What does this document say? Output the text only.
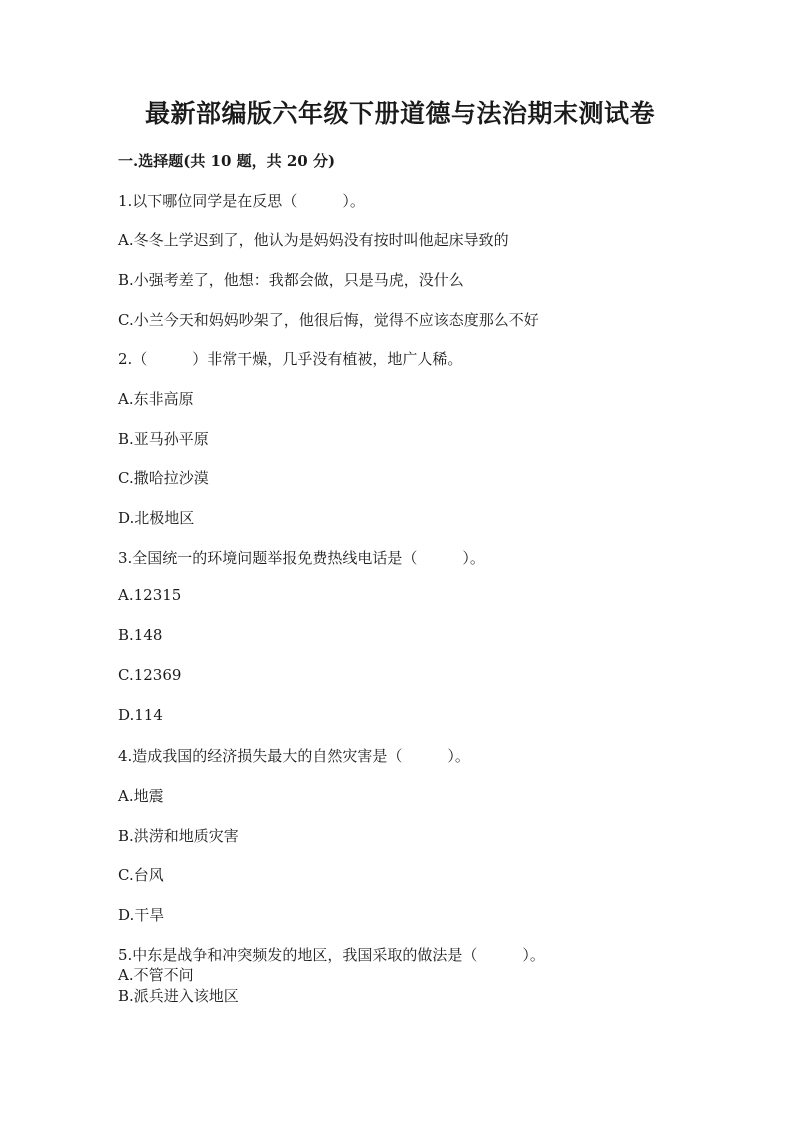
最新部编版六年级下册道德与法治期末测试卷
一.选择题(共 10 题，共 20 分)
1.以下哪位同学是在反思（　　　）。
A.冬冬上学迟到了，他认为是妈妈没有按时叫他起床导致的
B.小强考差了，他想：我都会做，只是马虎，没什么
C.小兰今天和妈妈吵架了，他很后悔，觉得不应该态度那么不好
2.（　　　）非常干燥，几乎没有植被，地广人稀。
A.东非高原
B.亚马孙平原
C.撒哈拉沙漠
D.北极地区
3.全国统一的环境问题举报免费热线电话是（　　　）。
A.12315
B.148
C.12369
D.114
4.造成我国的经济损失最大的自然灾害是（　　　）。
A.地震
B.洪涝和地质灾害
C.台风
D.干旱
5.中东是战争和冲突频发的地区，我国采取的做法是（　　　）。
A.不管不问
B.派兵进入该地区
